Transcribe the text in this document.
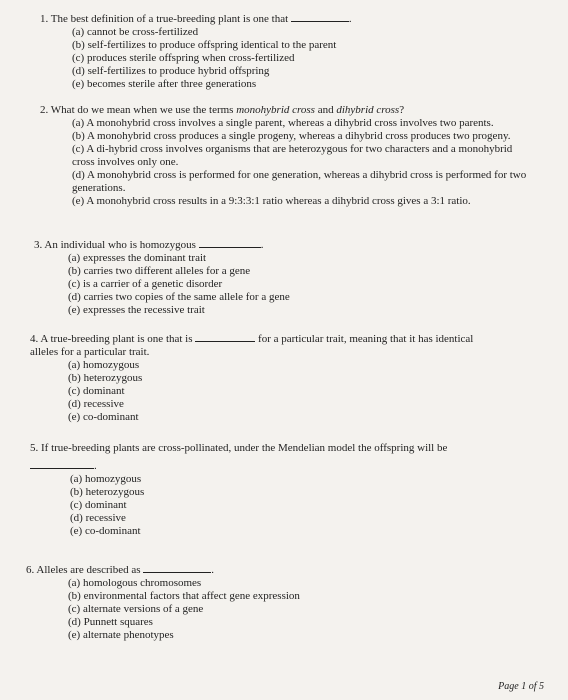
1. The best definition of a true-breeding plant is one that	.

(a) cannot be cross-fertilized

(b) self-fertilizes to produce offspring identical to the parent

(c) produces sterile offspring when cross-fertilized

(d) self-fertilizes to produce hybrid offspring

(e) becomes sterile after three generations

2. What do we mean when we use the terms monohybrid cross and dihybrid cross?

(a) A monohybrid cross involves a single parent, whereas a dihybrid cross involves two parents.

(b) A monohybrid cross produces a single progeny, whereas a dihybrid cross produces two progeny.

(c) A di-hybrid cross involves organisms that are heterozygous for two characters and a monohybrid cross involves only one.

(d) A monohybrid cross is performed for one generation, whereas a dihybrid cross is performed for two generations.

(e) A monohybrid cross results in a 9:3:3:1 ratio whereas a dihybrid cross gives a 3:1 ratio.

3. An individual who is homozygous	.

(a) expresses the dominant trait

(b) carries two different alleles for a gene

(c) is a carrier of a genetic disorder

(d) carries two copies of the same allele for a gene

(e) expresses the recessive trait

4. A true-breeding plant is one that is	for a particular trait, meaning that it has identical

alleles for a particular trait.

(a) homozygous

(b) heterozygous

(c) dominant

(d) recessive

(e) co-dominant

5. If true-breeding plants are cross-pollinated, under the Mendelian model the offspring will be

.

(a) homozygous

(b) heterozygous

(c) dominant

(d) recessive

(e) co-dominant

6. Alleles are described as	.

(a) homologous chromosomes

(b) environmental factors that affect gene expression

(c) alternate versions of a gene

(d) Punnett squares

(e) alternate phenotypes

Page 1 of 5
